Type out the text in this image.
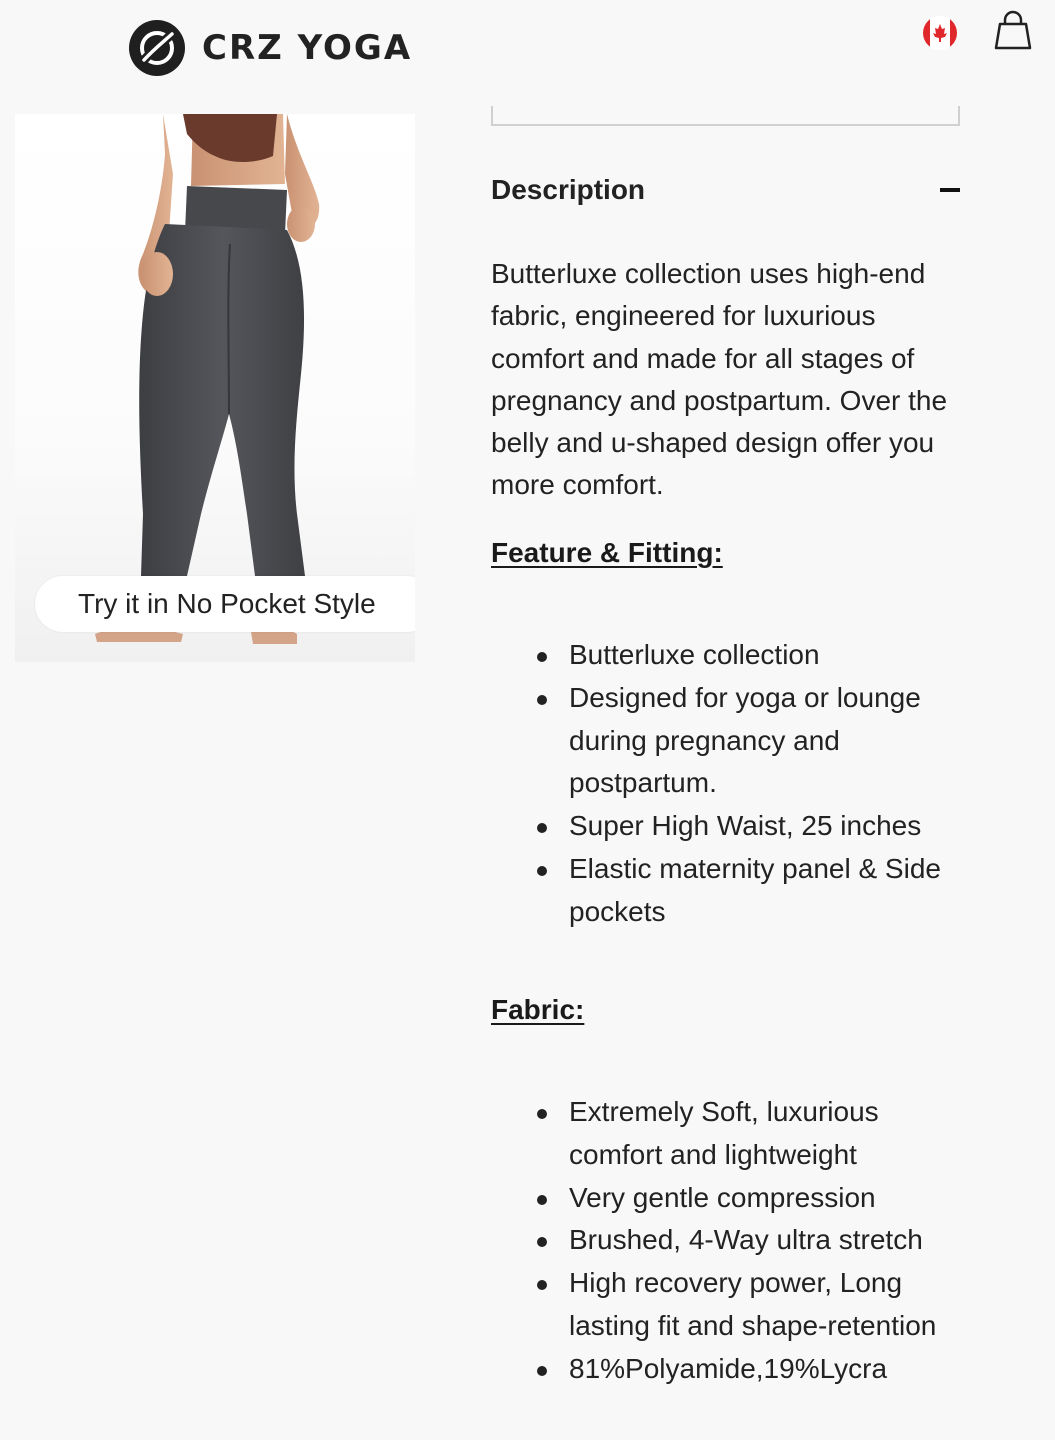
CRZ YOGA
Try it in No Pocket Style
Description

Butterluxe collection uses high-end fabric, engineered for luxurious comfort and made for all stages of pregnancy and postpartum. Over the belly and u-shaped design offer you more comfort.

Feature & Fitting:
Butterluxe collection
Designed for yoga or lounge during pregnancy and postpartum.
Super High Waist, 25 inches
Elastic maternity panel & Side pockets
Fabric:
Extremely Soft, luxurious comfort and lightweight
Very gentle compression
Brushed, 4-Way ultra stretch
High recovery power, Long lasting fit and shape-retention
81%Polyamide,19%Lycra
